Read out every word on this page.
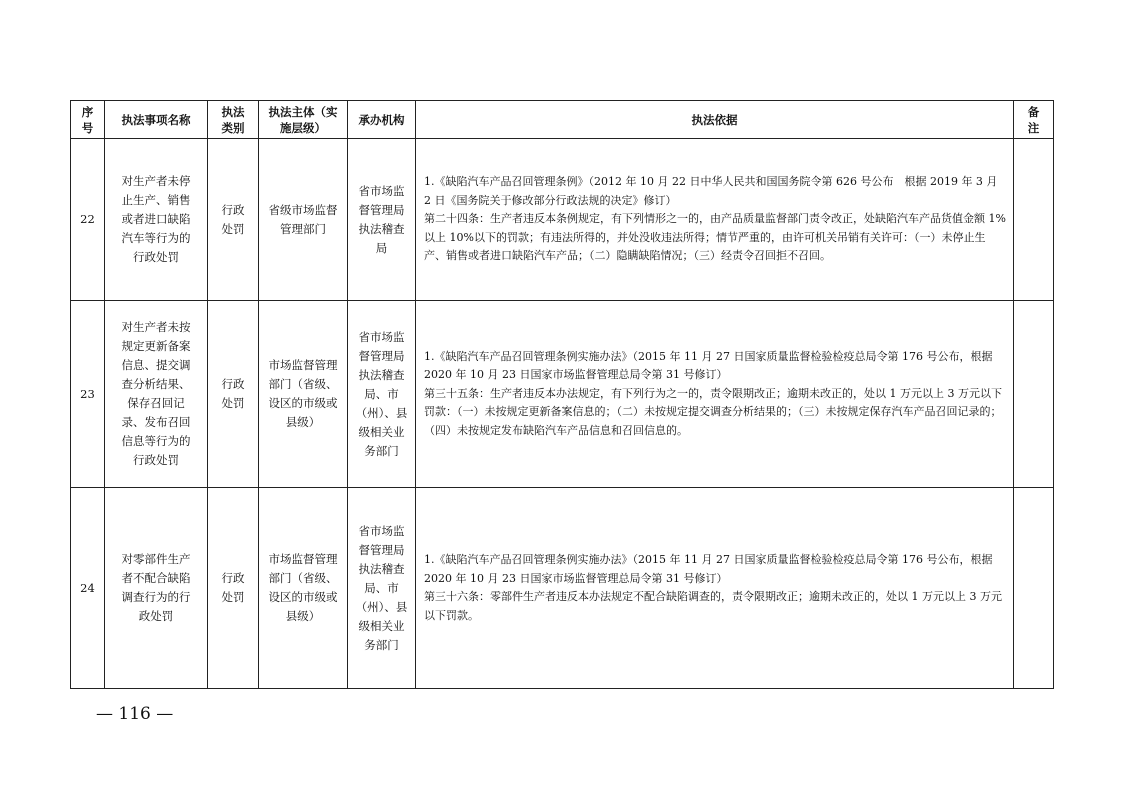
序号	执法事项名称	执法类别	执法主体（实施层级）	承办机构	执法依据	备注

22	对生产者未停止生产、销售或者进口缺陷汽车等行为的行政处罚	行政处罚	省级市场监督管理部门	省市场监督管理局执法稽查局	1.《缺陷汽车产品召回管理条例》（2012 年 10 月 22 日中华人民共和国国务院令第 626 号公布　根据 2019 年 3 月 2 日《国务院关于修改部分行政法规的决定》修订）

第二十四条：生产者违反本条例规定，有下列情形之一的，由产品质量监督部门责令改正，处缺陷汽车产品货值金额 1%以上 10%以下的罚款；有违法所得的，并处没收违法所得；情节严重的，由许可机关吊销有关许可：（一）未停止生产、销售或者进口缺陷汽车产品；（二）隐瞒缺陷情况；（三）经责令召回拒不召回。	

23	对生产者未按规定更新备案信息、提交调查分析结果、保存召回记录、发布召回信息等行为的行政处罚	行政处罚	市场监督管理部门（省级、设区的市级或县级）	省市场监督管理局执法稽查局、市（州）、县级相关业务部门	1.《缺陷汽车产品召回管理条例实施办法》（2015 年 11 月 27 日国家质量监督检验检疫总局令第 176 号公布，根据 2020 年 10 月 23 日国家市场监督管理总局令第 31 号修订）

第三十五条：生产者违反本办法规定，有下列行为之一的，责令限期改正；逾期未改正的，处以 1 万元以上 3 万元以下罚款：（一）未按规定更新备案信息的；（二）未按规定提交调查分析结果的；（三）未按规定保存汽车产品召回记录的；（四）未按规定发布缺陷汽车产品信息和召回信息的。	

24	对零部件生产者不配合缺陷调查行为的行政处罚	行政处罚	市场监督管理部门（省级、设区的市级或县级）	省市场监督管理局执法稽查局、市（州）、县级相关业务部门	1.《缺陷汽车产品召回管理条例实施办法》（2015 年 11 月 27 日国家质量监督检验检疫总局令第 176 号公布，根据 2020 年 10 月 23 日国家市场监督管理总局令第 31 号修订）

第三十六条：零部件生产者违反本办法规定不配合缺陷调查的，责令限期改正；逾期未改正的，处以 1 万元以上 3 万元以下罚款。	

— 116 —
